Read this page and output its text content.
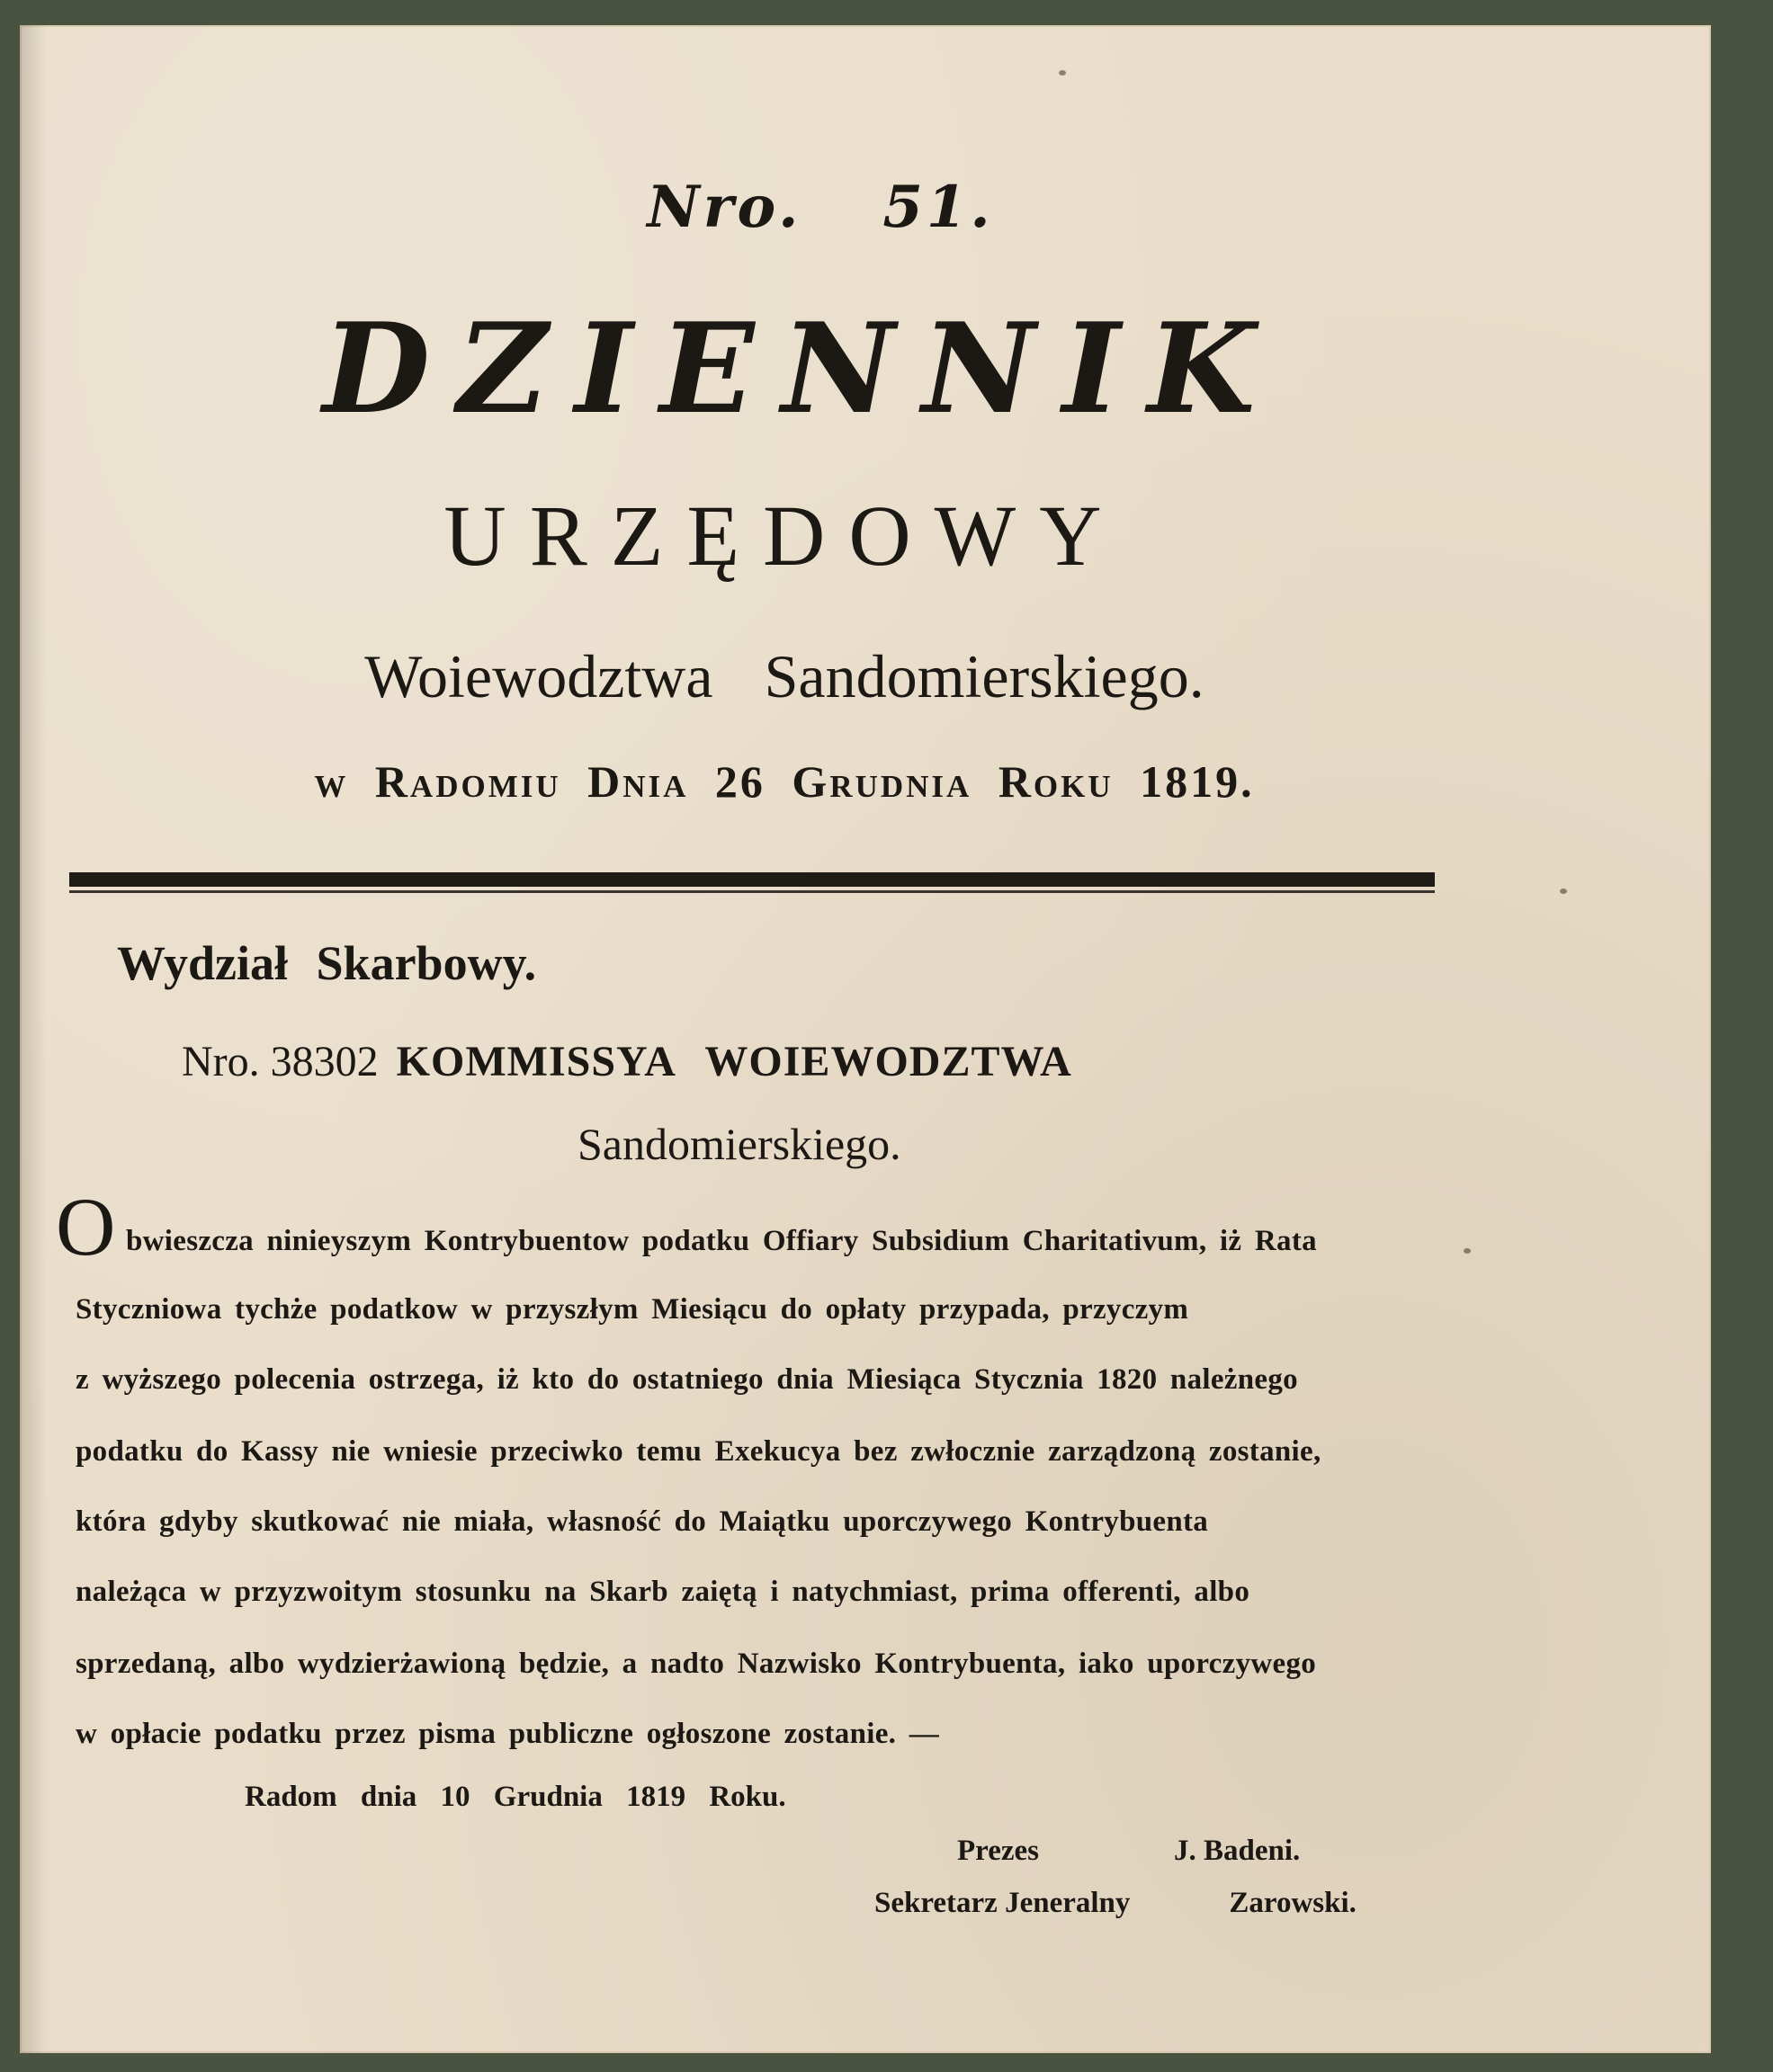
Nro. 51.
DZIENNIK
URZĘDOWY
Woiewodztwa Sandomierskiego.
w Radomiu Dnia 26 Grudnia Roku 1819.
Wydział Skarbowy.
Nro. 38302 KOMMISSYA WOIEWODZTWA
Sandomierskiego.
O bwieszcza ninieyszym Kontrybuentow podatku Offiary Subsidium Charitativum, iż Rata
Styczniowa tychże podatkow w przyszłym Miesiącu do opłaty przypada, przyczym
z wyższego polecenia ostrzega, iż kto do ostatniego dnia Miesiąca Stycznia 1820 należnego
podatku do Kassy nie wniesie przeciwko temu Exekucya bez zwłocznie zarządzoną zostanie,
która gdyby skutkować nie miała, własność do Maiątku uporczywego Kontrybuenta
należąca w przyzwoitym stosunku na Skarb zaiętą i natychmiast, prima offerenti, albo
sprzedaną, albo wydzierżawioną będzie, a nadto Nazwisko Kontrybuenta, iako uporczywego
w opłacie podatku przez pisma publiczne ogłoszone zostanie. —
Radom dnia 10 Grudnia 1819 Roku.
Prezes	J. Badeni.
Sekretarz Jeneralny	Zarowski.
